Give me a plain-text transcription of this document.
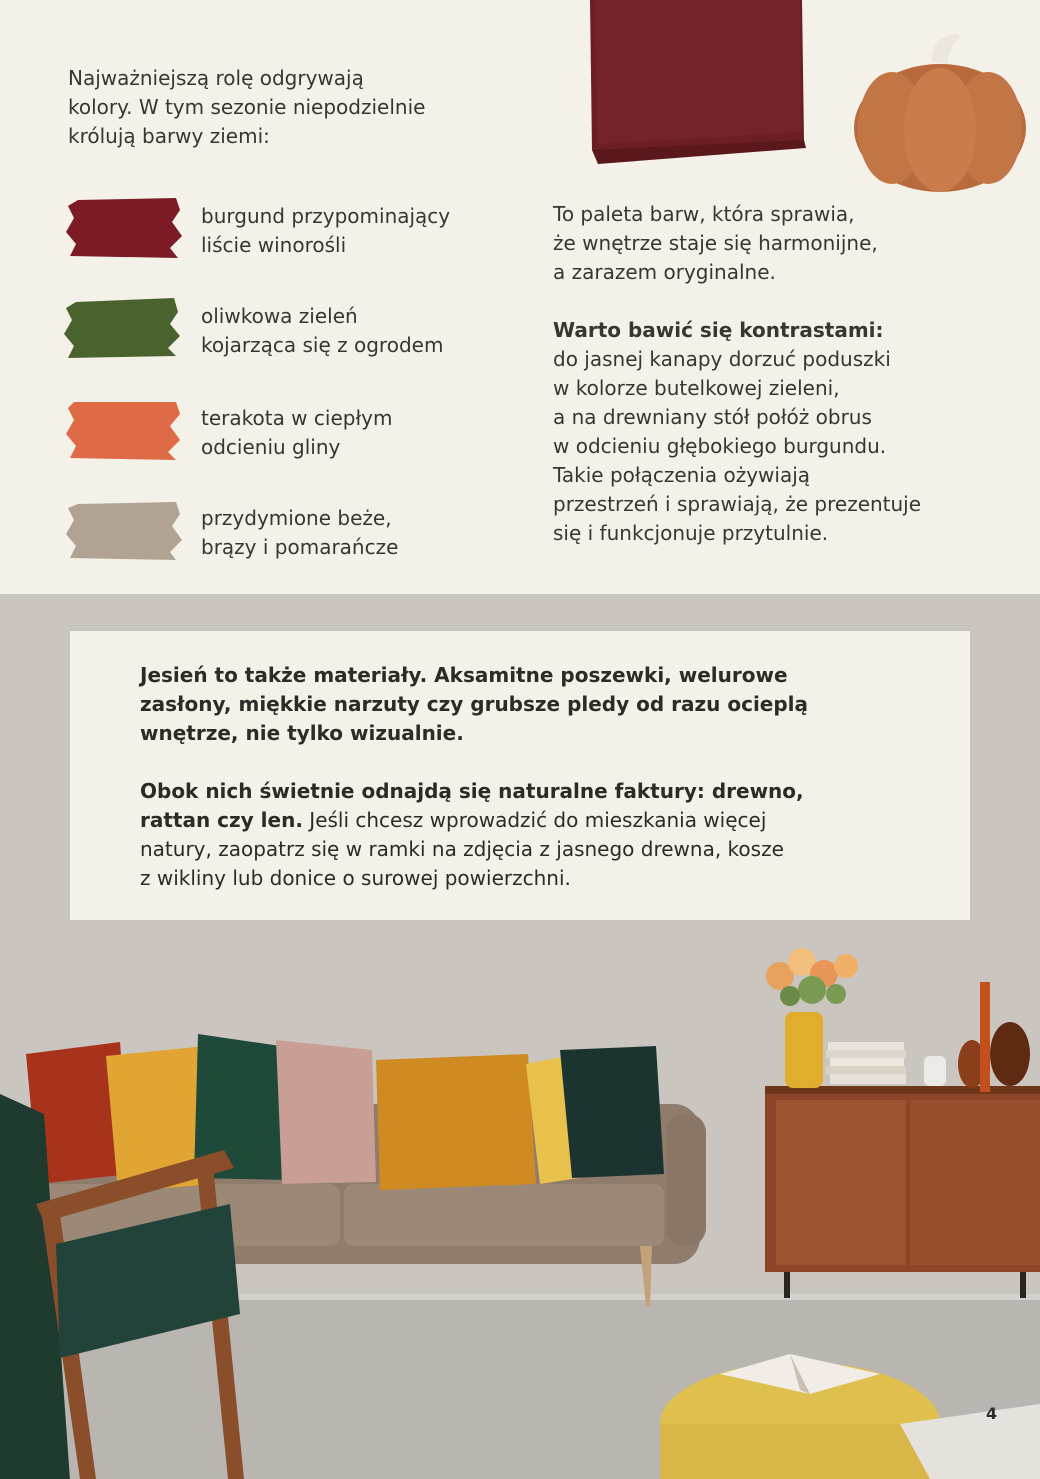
Najważniejszą rolę odgrywają
kolory. W tym sezonie niepodzielnie
królują barwy ziemi:
burgund przypominający
liście winorośli
oliwkowa zieleń
kojarząca się z ogrodem
terakota w ciepłym
odcieniu gliny
przydymione beże,
brązy i pomarańcze
To paleta barw, która sprawia,
że wnętrze staje się harmonijne,
a zarazem oryginalne.
Warto bawić się kontrastami:
do jasnej kanapy dorzuć poduszki
w kolorze butelkowej zieleni,
a na drewniany stół połóż obrus
w odcieniu głębokiego burgundu.
Takie połączenia ożywiają
przestrzeń i sprawiają, że prezentuje
się i funkcjonuje przytulnie.
Jesień to także materiały. Aksamitne poszewki, welurowe
zasłony, miękkie narzuty czy grubsze pledy od razu ocieplą
wnętrze, nie tylko wizualnie.
Obok nich świetnie odnajdą się naturalne faktury: drewno,
rattan czy len. Jeśli chcesz wprowadzić do mieszkania więcej
natury, zaopatrz się w ramki na zdjęcia z jasnego drewna, kosze
z wikliny lub donice o surowej powierzchni.
4
